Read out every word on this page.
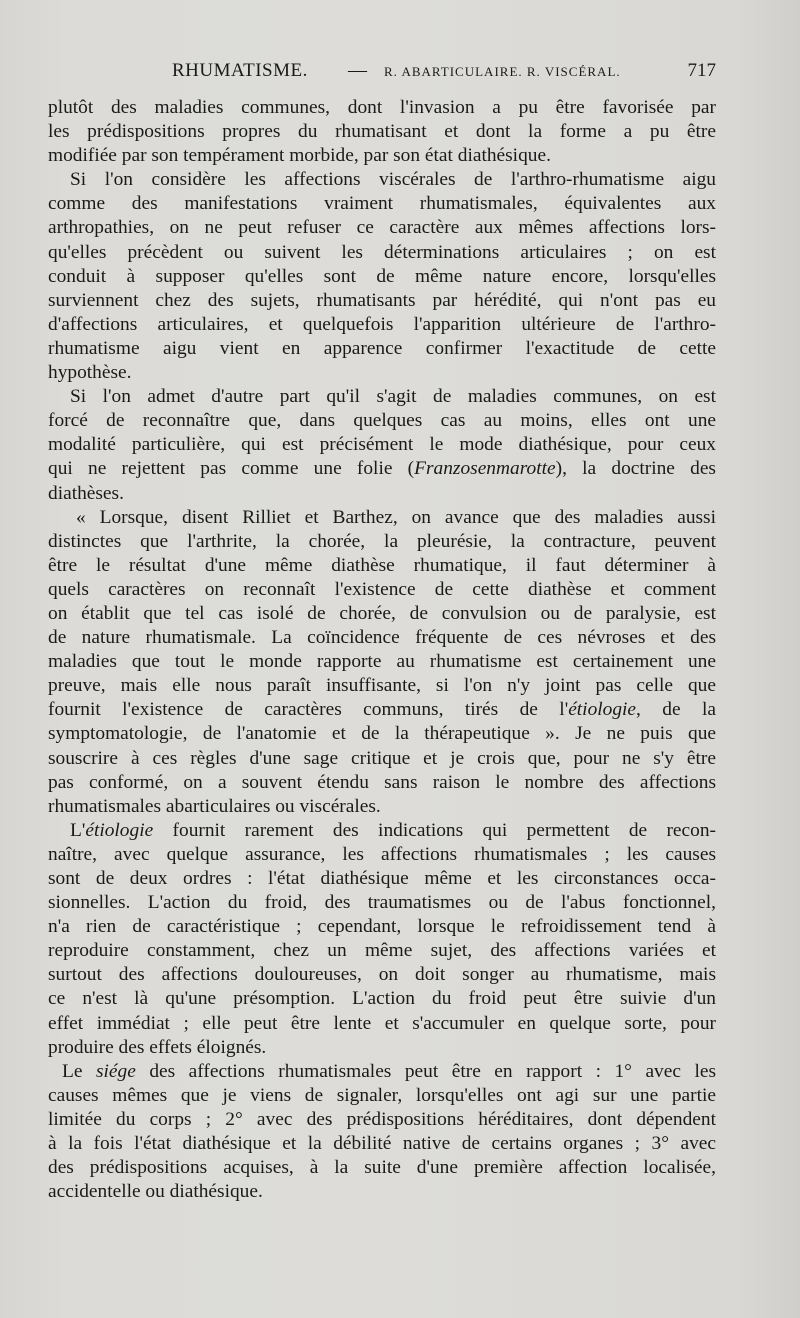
RHUMATISME. — R. ABARTICULAIRE. R. VISCÉRAL.	717
plutôt des maladies communes, dont l'invasion a pu être favorisée par
les prédispositions propres du rhumatisant et dont la forme a pu être
modifiée par son tempérament morbide, par son état diathésique.
Si l'on considère les affections viscérales de l'arthro-rhumatisme aigu
comme des manifestations vraiment rhumatismales, équivalentes aux
arthropathies, on ne peut refuser ce caractère aux mêmes affections lors-
qu'elles précèdent ou suivent les déterminations articulaires ; on est
conduit à supposer qu'elles sont de même nature encore, lorsqu'elles
surviennent chez des sujets, rhumatisants par hérédité, qui n'ont pas eu
d'affections articulaires, et quelquefois l'apparition ultérieure de l'arthro-
rhumatisme aigu vient en apparence confirmer l'exactitude de cette
hypothèse.
Si l'on admet d'autre part qu'il s'agit de maladies communes, on est
forcé de reconnaître que, dans quelques cas au moins, elles ont une
modalité particulière, qui est précisément le mode diathésique, pour ceux
qui ne rejettent pas comme une folie (Franzosenmarotte), la doctrine des
diathèses.
« Lorsque, disent Rilliet et Barthez, on avance que des maladies aussi
distinctes que l'arthrite, la chorée, la pleurésie, la contracture, peuvent
être le résultat d'une même diathèse rhumatique, il faut déterminer à
quels caractères on reconnaît l'existence de cette diathèse et comment
on établit que tel cas isolé de chorée, de convulsion ou de paralysie, est
de nature rhumatismale. La coïncidence fréquente de ces névroses et des
maladies que tout le monde rapporte au rhumatisme est certainement une
preuve, mais elle nous paraît insuffisante, si l'on n'y joint pas celle que
fournit l'existence de caractères communs, tirés de l'étiologie, de la
symptomatologie, de l'anatomie et de la thérapeutique ». Je ne puis que
souscrire à ces règles d'une sage critique et je crois que, pour ne s'y être
pas conformé, on a souvent étendu sans raison le nombre des affections
rhumatismales abarticulaires ou viscérales.
L'étiologie fournit rarement des indications qui permettent de recon-
naître, avec quelque assurance, les affections rhumatismales ; les causes
sont de deux ordres : l'état diathésique même et les circonstances occa-
sionnelles. L'action du froid, des traumatismes ou de l'abus fonctionnel,
n'a rien de caractéristique ; cependant, lorsque le refroidissement tend à
reproduire constamment, chez un même sujet, des affections variées et
surtout des affections douloureuses, on doit songer au rhumatisme, mais
ce n'est là qu'une présomption. L'action du froid peut être suivie d'un
effet immédiat ; elle peut être lente et s'accumuler en quelque sorte, pour
produire des effets éloignés.
Le siége des affections rhumatismales peut être en rapport : 1° avec les
causes mêmes que je viens de signaler, lorsqu'elles ont agi sur une partie
limitée du corps ; 2° avec des prédispositions héréditaires, dont dépendent
à la fois l'état diathésique et la débilité native de certains organes ; 3° avec
des prédispositions acquises, à la suite d'une première affection localisée,
accidentelle ou diathésique.
